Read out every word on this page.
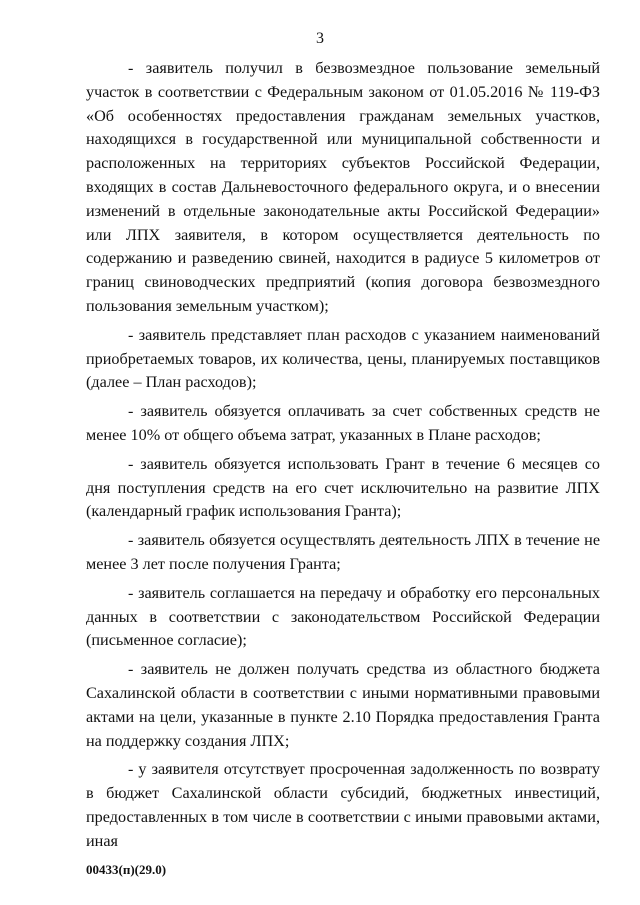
3

- заявитель получил в безвозмездное пользование земельный участок в соответствии с Федеральным законом от 01.05.2016 № 119-ФЗ «Об особенностях предоставления гражданам земельных участков, находящихся в государственной или муниципальной собственности и расположенных на территориях субъектов Российской Федерации, входящих в состав Дальневосточного федерального округа, и о внесении изменений в отдельные законодательные акты Российской Федерации» или ЛПХ заявителя, в котором осуществляется деятельность по содержанию и разведению свиней, находится в радиусе 5 километров от границ свиноводческих предприятий (копия договора безвозмездного пользования земельным участком);

- заявитель представляет план расходов с указанием наименований приобретаемых товаров, их количества, цены, планируемых поставщиков (далее – План расходов);

- заявитель обязуется оплачивать за счет собственных средств не менее 10% от общего объема затрат, указанных в Плане расходов;

- заявитель обязуется использовать Грант в течение 6 месяцев со дня поступления средств на его счет исключительно на развитие ЛПХ (календарный график использования Гранта);

- заявитель обязуется осуществлять деятельность ЛПХ в течение не менее 3 лет после получения Гранта;

- заявитель соглашается на передачу и обработку его персональных данных в соответствии с законодательством Российской Федерации (письменное согласие);

- заявитель не должен получать средства из областного бюджета Сахалинской области в соответствии с иными нормативными правовыми актами на цели, указанные в пункте 2.10 Порядка предоставления Гранта на поддержку создания ЛПХ;

- у заявителя отсутствует просроченная задолженность по возврату в бюджет Сахалинской области субсидий, бюджетных инвестиций, предоставленных в том числе в соответствии с иными правовыми актами, иная

00433(п)(29.0)
